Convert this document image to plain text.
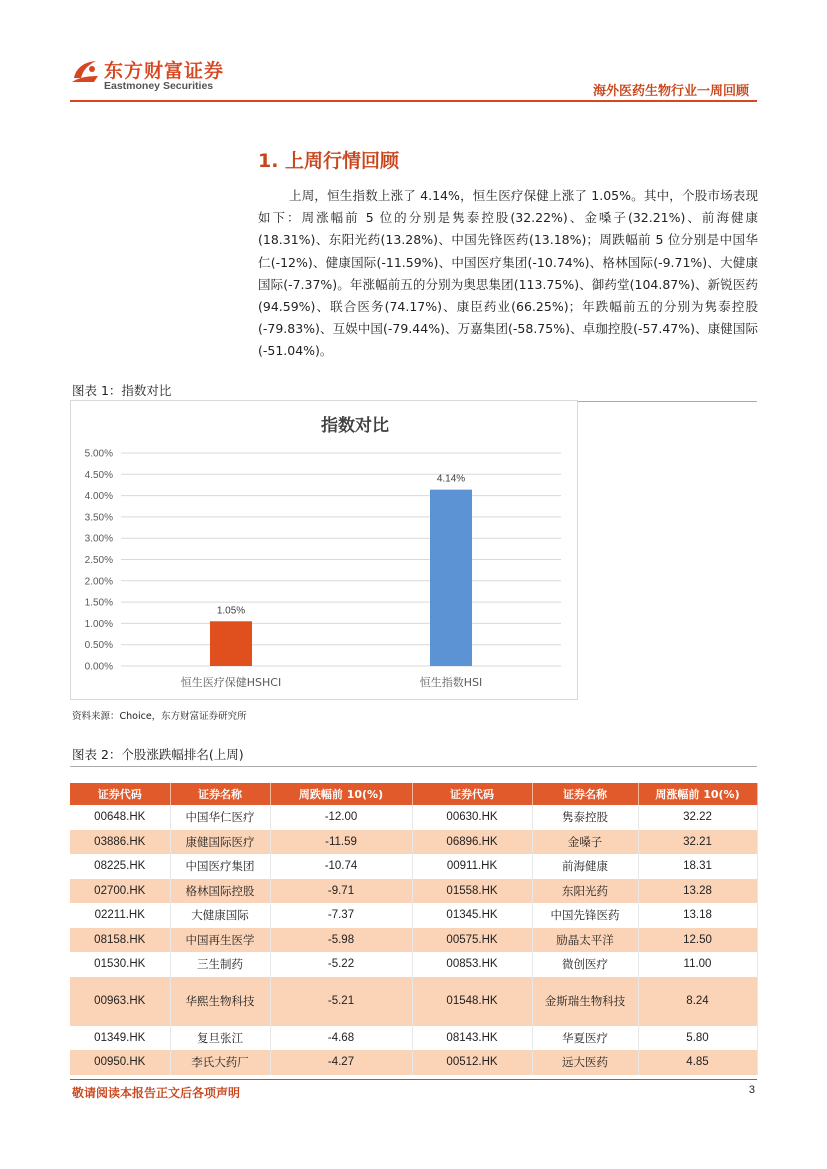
东方财富证券
Eastmoney Securities	海外医药生物行业一周回顾
1. 上周行情回顾

上周，恒生指数上涨了 4.14%，恒生医疗保健上涨了 1.05%。其中，个股市场表现如下：周涨幅前 5 位的分别是隽泰控股(32.22%)、金嗓子(32.21%)、前海健康(18.31%)、东阳光药(13.28%)、中国先锋医药(13.18%)；周跌幅前 5 位分别是中国华仁(-12%)、健康国际(-11.59%)、中国医疗集团(-10.74%)、格林国际(-9.71%)、大健康国际(-7.37%)。年涨幅前五的分别为奥思集团(113.75%)、御药堂(104.87%)、新锐医药(94.59%)、联合医务(74.17%)、康臣药业(66.25%)；年跌幅前五的分别为隽泰控股(-79.83%)、互娱中国(-79.44%)、万嘉集团(-58.75%)、卓珈控股(-57.47%)、康健国际(-51.04%)。

图表 1：指数对比
指数对比
0.00%
0.50%
1.00%
1.50%
2.00%
2.50%
3.00%
3.50%
4.00%
4.50%
5.00%
1.05%
恒生医疗保健HSHCI
4.14%
恒生指数HSI
资料来源：Choice，东方财富证券研究所
图表 2：个股涨跌幅排名(上周)
证券代码	证券名称	周跌幅前 10(%)	证券代码	证券名称	周涨幅前 10(%)
00648.HK	中国华仁医疗	-12.00	00630.HK	隽泰控股	32.22
03886.HK	康健国际医疗	-11.59	06896.HK	金嗓子	32.21
08225.HK	中国医疗集团	-10.74	00911.HK	前海健康	18.31
02700.HK	格林国际控股	-9.71	01558.HK	东阳光药	13.28
02211.HK	大健康国际	-7.37	01345.HK	中国先锋医药	13.18
08158.HK	中国再生医学	-5.98	00575.HK	励晶太平洋	12.50
01530.HK	三生制药	-5.22	00853.HK	微创医疗	11.00
00963.HK	华熙生物科技	-5.21	01548.HK	金斯瑞生物科技	8.24
01349.HK	复旦张江	-4.68	08143.HK	华夏医疗	5.80
00950.HK	李氏大药厂	-4.27	00512.HK	远大医药	4.85
敬请阅读本报告正文后各项声明	3
